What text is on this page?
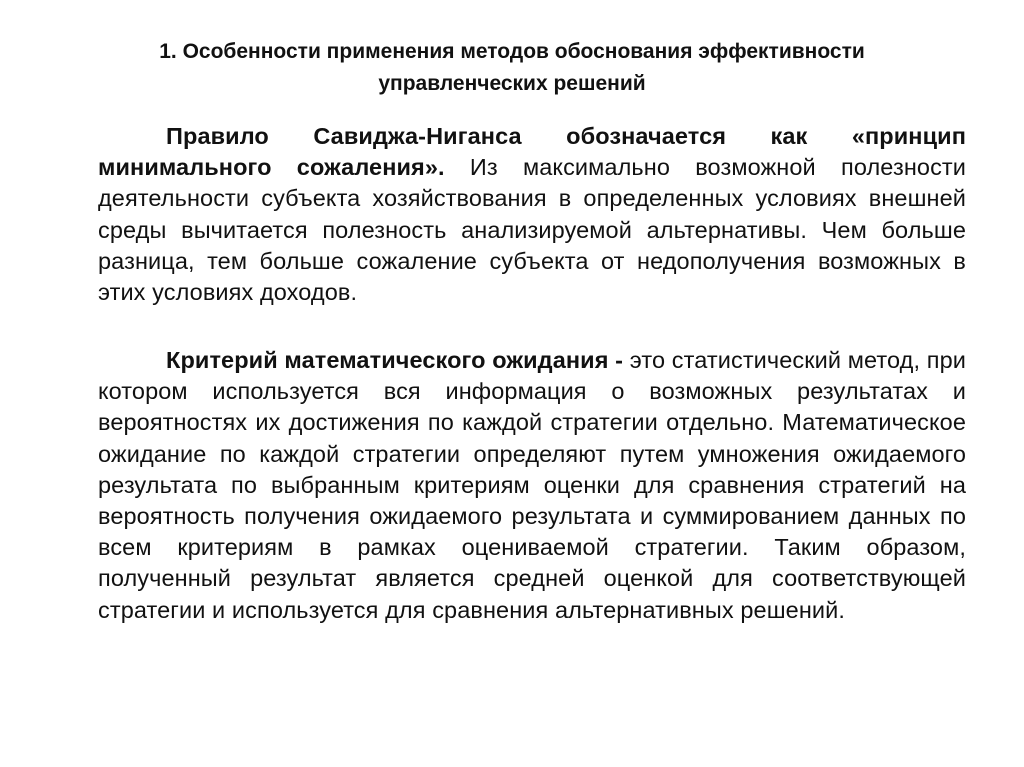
1. Особенности применения методов обоснования эффективности
управленческих решений

Правило Савиджа-Ниганса обозначается как «принцип минимального сожаления». Из максимально возможной полезности деятельности субъекта хозяйствования в определенных условиях внешней среды вычитается полезность анализируемой альтернативы. Чем больше разница, тем больше сожаление субъекта от недополучения возможных в этих условиях доходов.

Критерий математического ожидания - это статистический метод, при котором используется вся информация о возможных результатах и вероятностях их достижения по каждой стратегии отдельно. Математическое ожидание по каждой стратегии определяют путем умножения ожидаемого результата по выбранным критериям оценки для сравнения стратегий на вероятность получения ожидаемого результата и суммированием данных по всем критериям в рамках оцениваемой стратегии. Таким образом, полученный результат является средней оценкой для соответствующей стратегии и используется для сравнения альтернативных решений.
